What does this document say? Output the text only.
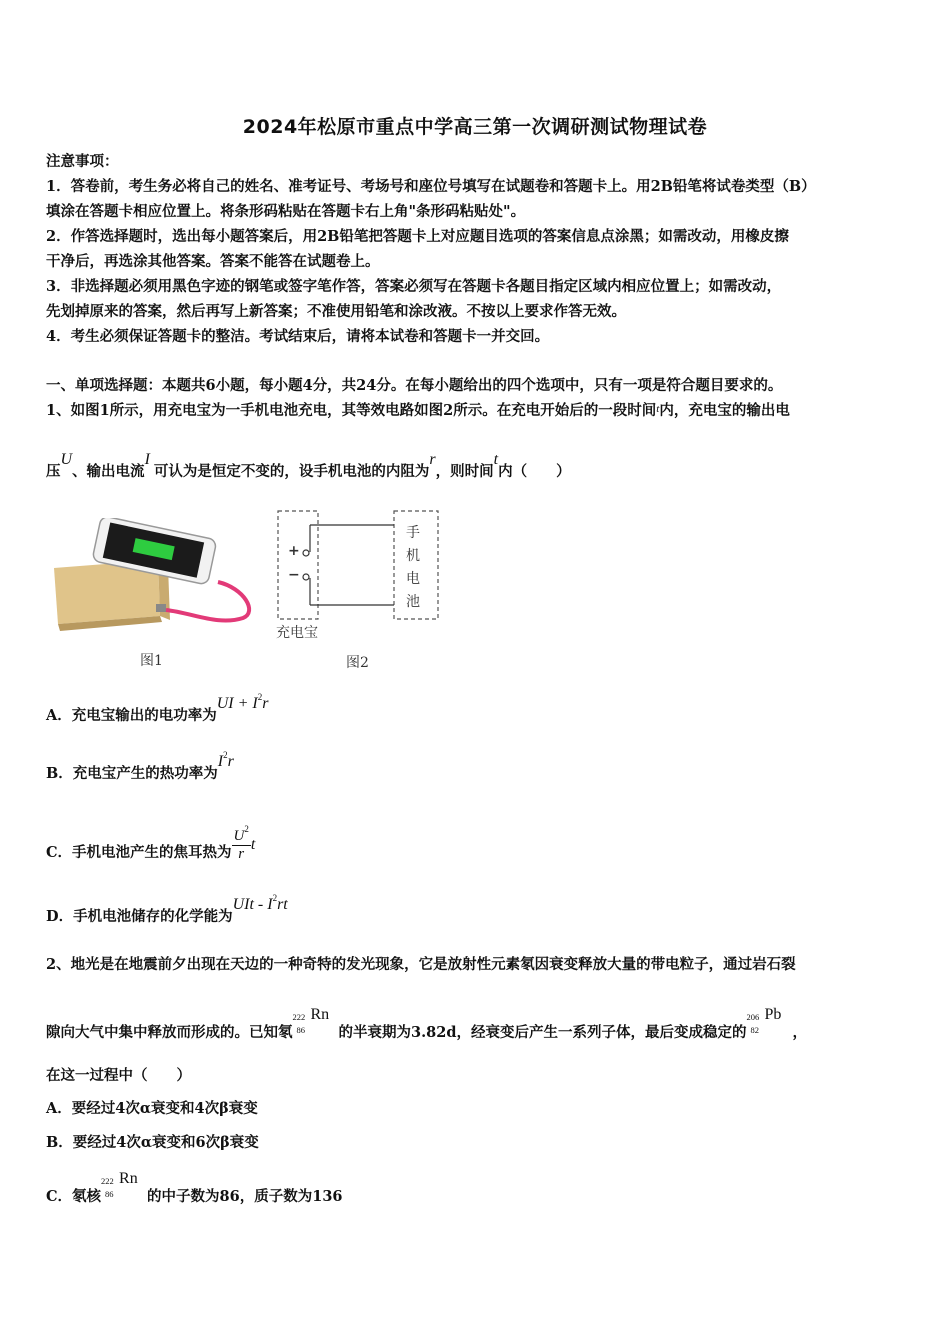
2024年松原市重点中学高三第一次调研测试物理试卷
注意事项：
1．答卷前，考生务必将自己的姓名、准考证号、考场号和座位号填写在试题卷和答题卡上。用2B铅笔将试卷类型（B）
填涂在答题卡相应位置上。将条形码粘贴在答题卡右上角"条形码粘贴处"。
2．作答选择题时，选出每小题答案后，用2B铅笔把答题卡上对应题目选项的答案信息点涂黑；如需改动，用橡皮擦
干净后，再选涂其他答案。答案不能答在试题卷上。
3．非选择题必须用黑色字迹的钢笔或签字笔作答，答案必须写在答题卡各题目指定区域内相应位置上；如需改动，
先划掉原来的答案，然后再写上新答案；不准使用铅笔和涂改液。不按以上要求作答无效。
4．考生必须保证答题卡的整洁。考试结束后，请将本试卷和答题卡一并交回。
一、单项选择题：本题共6小题，每小题4分，共24分。在每小题给出的四个选项中，只有一项是符合题目要求的。
1、如图1所示，用充电宝为一手机电池充电，其等效电路如图2所示。在充电开始后的一段时间$^t$内，充电宝的输出电
压U、输出电流I可认为是恒定不变的，设手机电池的内阻为r，则时间t内（　　）
图1
+
−
手
机
电
池
充电宝
图2
A．充电宝输出的电功率为UI + $I^2r$
B．充电宝产生的热功率为$I^2r$
C．手机电池产生的焦耳热为 $\frac{U^2}{r}$ t
D．手机电池储存的化学能为UIt - $I^2rt$
2、地光是在地震前夕出现在天边的一种奇特的发光现象，它是放射性元素氡因衰变释放大量的带电粒子，通过岩石裂
隙向大气中集中释放而形成的。已知氡
222
86
Rn
的半衰期为3.82d，经衰变后产生一系列子体，最后变成稳定的
206
82
Pb
，
在这一过程中（　　）
A．要经过4次α衰变和4次β衰变
B．要经过4次α衰变和6次β衰变
C．氡核
222
86
Rn
的中子数为86，质子数为136
